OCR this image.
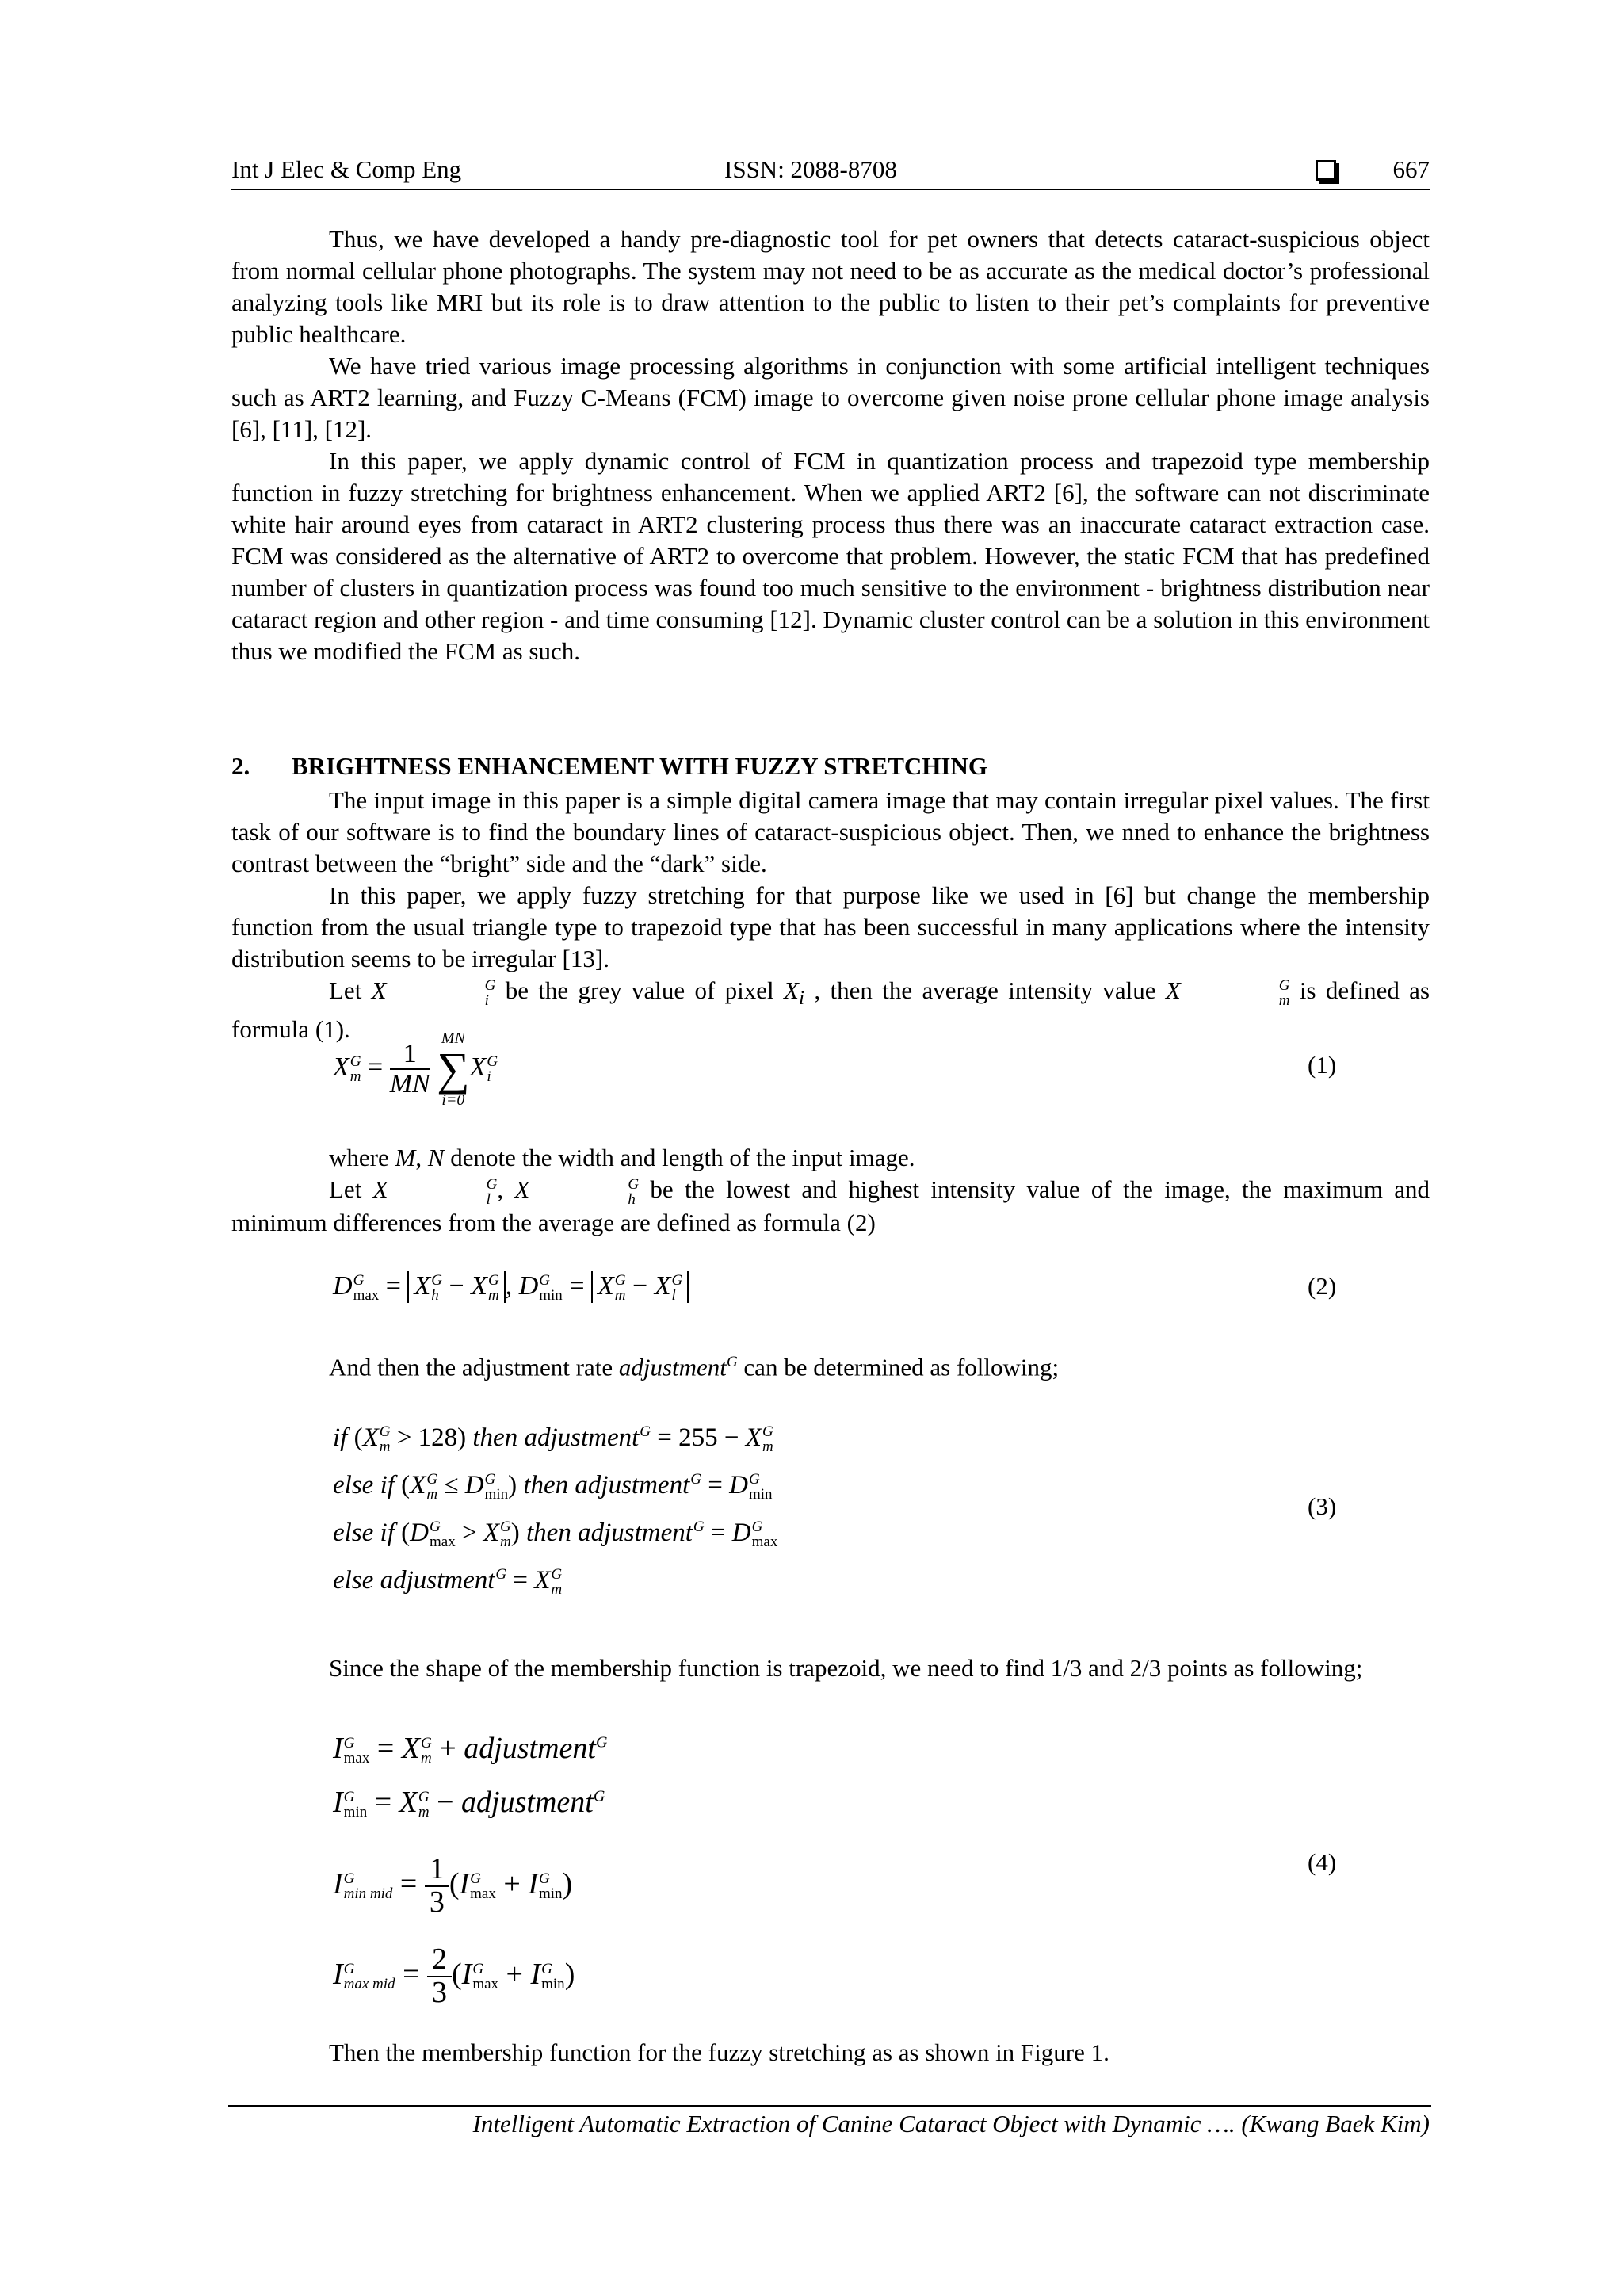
Int J Elec & Comp Eng	ISSN: 2088-8708	667

Thus, we have developed a handy pre-diagnostic tool for pet owners that detects cataract-suspicious object from normal cellular phone photographs. The system may not need to be as accurate as the medical doctor’s professional analyzing tools like MRI but its role is to draw attention to the public to listen to their pet’s complaints for preventive public healthcare.

We have tried various image processing algorithms in conjunction with some artificial intelligent techniques such as ART2 learning, and Fuzzy C-Means (FCM) image to overcome given noise prone cellular phone image analysis [6], [11], [12].

In this paper, we apply dynamic control of FCM in quantization process and trapezoid type membership function in fuzzy stretching for brightness enhancement. When we applied ART2 [6], the software can not discriminate white hair around eyes from cataract in ART2 clustering process thus there was an inaccurate cataract extraction case. FCM was considered as the alternative of ART2 to overcome that problem. However, the static FCM that has predefined number of clusters in quantization process was found too much sensitive to the environment - brightness distribution near cataract region and other region - and time consuming [12]. Dynamic cluster control can be a solution in this environment thus we modified the FCM as such.

2. BRIGHTNESS ENHANCEMENT WITH FUZZY STRETCHING

The input image in this paper is a simple digital camera image that may contain irregular pixel values. The first task of our software is to find the boundary lines of cataract-suspicious object. Then, we nned to enhance the brightness contrast between the “bright” side and the “dark” side.

In this paper, we apply fuzzy stretching for that purpose like we used in [6] but change the membership function from the usual triangle type to trapezoid type that has been successful in many applications where the intensity distribution seems to be irregular [13].

Let X	G
i be the grey value of pixel $X_i$ , then the average intensity value X	G
m is defined as formula (1).

X G
$m = \frac{1}{MN}$

MN
∑
i=0
X G
i	(1)

where M, N denote the width and length of the input image.

Let X	G
l , X	G
h be the lowest and highest intensity value of the image, the maximum and minimum differences from the average are defined as formula (2)

D G
max = X G
h − X G
m , D G
min = X G
m − X G
l	(2)

And then the adjustment rate adjustment$^G$ can be determined as following;

if (X G
m > 128) then adjustment G
= 255 − X G
m
else if (X G
m ≤ D G
min ) then adjustment G
= D G
min
else if (D G
max > X G
m ) then adjustment G
= D G
max
else adjustment G
= X G
m
(3)

Since the shape of the membership function is trapezoid, we need to find 1/3 and 2/3 points as following;

I G
max = X G
m + adjustment$^G$
I G
min = X G
m − adjustment$^G$
I G
min mid = $\frac{1}{3} (I$ G
max + I G
min )
I G
max mid = $\frac{2}{3} (I$ G
max + I G
min )
(4)

Then the membership function for the fuzzy stretching as as shown in Figure 1.

Intelligent Automatic Extraction of Canine Cataract Object with Dynamic …. (Kwang Baek Kim)
